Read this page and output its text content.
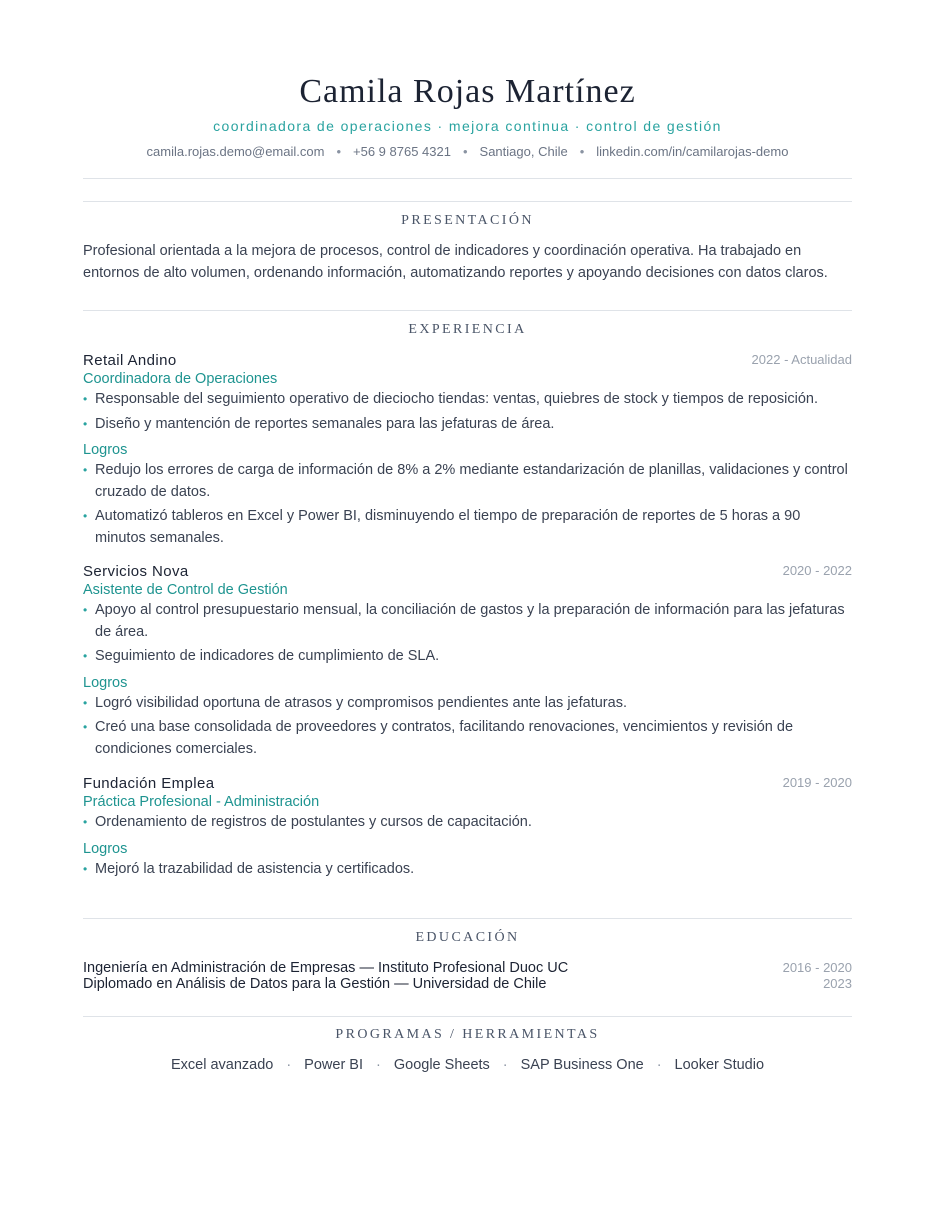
Camila Rojas Martínez
coordinadora de operaciones · mejora continua · control de gestión
camila.rojas.demo@email.com • +56 9 8765 4321 • Santiago, Chile • linkedin.com/in/camilarojas-demo
PRESENTACIÓN
Profesional orientada a la mejora de procesos, control de indicadores y coordinación operativa. Ha trabajado en entornos de alto volumen, ordenando información, automatizando reportes y apoyando decisiones con datos claros.
EXPERIENCIA
Retail Andino	2022 - Actualidad
Coordinadora de Operaciones
• Responsable del seguimiento operativo de dieciocho tiendas: ventas, quiebres de stock y tiempos de reposición.
• Diseño y mantención de reportes semanales para las jefaturas de área.
Logros
• Redujo los errores de carga de información de 8% a 2% mediante estandarización de planillas, validaciones y control cruzado de datos.
• Automatizó tableros en Excel y Power BI, disminuyendo el tiempo de preparación de reportes de 5 horas a 90 minutos semanales.
Servicios Nova	2020 - 2022
Asistente de Control de Gestión
• Apoyo al control presupuestario mensual, la conciliación de gastos y la preparación de información para las jefaturas de área.
• Seguimiento de indicadores de cumplimiento de SLA.
Logros
• Logró visibilidad oportuna de atrasos y compromisos pendientes ante las jefaturas.
• Creó una base consolidada de proveedores y contratos, facilitando renovaciones, vencimientos y revisión de condiciones comerciales.
Fundación Emplea	2019 - 2020
Práctica Profesional - Administración
• Ordenamiento de registros de postulantes y cursos de capacitación.
Logros
• Mejoró la trazabilidad de asistencia y certificados.
EDUCACIÓN
Ingeniería en Administración de Empresas — Instituto Profesional Duoc UC	2016 - 2020
Diplomado en Análisis de Datos para la Gestión — Universidad de Chile	2023
PROGRAMAS / HERRAMIENTAS
Excel avanzado · Power BI · Google Sheets · SAP Business One · Looker Studio
